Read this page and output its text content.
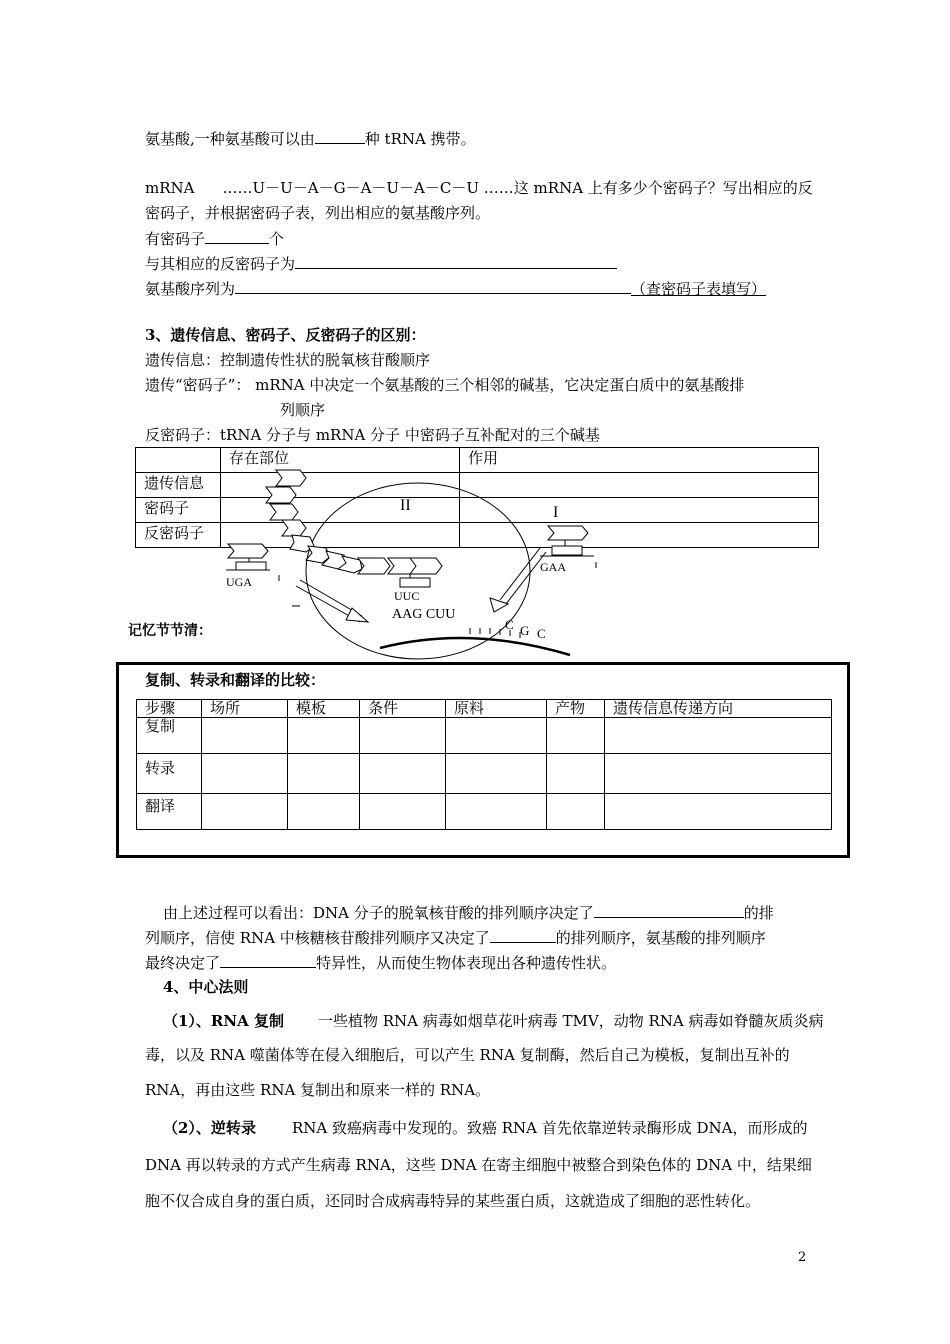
氨基酸,一种氨基酸可以由	种 tRNA 携带。
mRNA ……U－U－A－G－A－U－A－C－U ……这 mRNA 上有多少个密码子？写出相应的反
密码子，并根据密码子表，列出相应的氨基酸序列。
有密码子	个
与其相应的反密码子为
氨基酸序列为	（查密码子表填写）
3、遗传信息、密码子、反密码子的区别：
遗传信息：控制遗传性状的脱氧核苷酸顺序
遗传“密码子”： mRNA 中决定一个氨基酸的三个相邻的碱基，它决定蛋白质中的氨基酸排
列顺序
反密码子：tRNA 分子与 mRNA 分子 中密码子互补配对的三个碱基
	存在部位	作用
遗传信息		
密码子		
反密码子		
II	I
UGA
GAA
UUC
AAG CUU
C G C
记忆节节清：
复制、转录和翻译的比较：
步骤	场所	模板	条件	原料	产物	遗传信息传递方向
复制						
转录						
翻译						
由上述过程可以看出：DNA 分子的脱氧核苷酸的排列顺序决定了	的排
列顺序，信使 RNA 中核糖核苷酸排列顺序又决定了	的排列顺序，氨基酸的排列顺序
最终决定了	特异性，从而使生物体表现出各种遗传性状。
4、中心法则
（1）、RNA 复制 一些植物 RNA 病毒如烟草花叶病毒 TMV，动物 RNA 病毒如脊髓灰质炎病
毒，以及 RNA 噬菌体等在侵入细胞后，可以产生 RNA 复制酶，然后自己为模板，复制出互补的
RNA，再由这些 RNA 复制出和原来一样的 RNA。
（2）、逆转录 RNA 致癌病毒中发现的。致癌 RNA 首先依靠逆转录酶形成 DNA，而形成的
DNA 再以转录的方式产生病毒 RNA，这些 DNA 在寄主细胞中被整合到染色体的 DNA 中，结果细
胞不仅合成自身的蛋白质，还同时合成病毒特异的某些蛋白质，这就造成了细胞的恶性转化。
2
